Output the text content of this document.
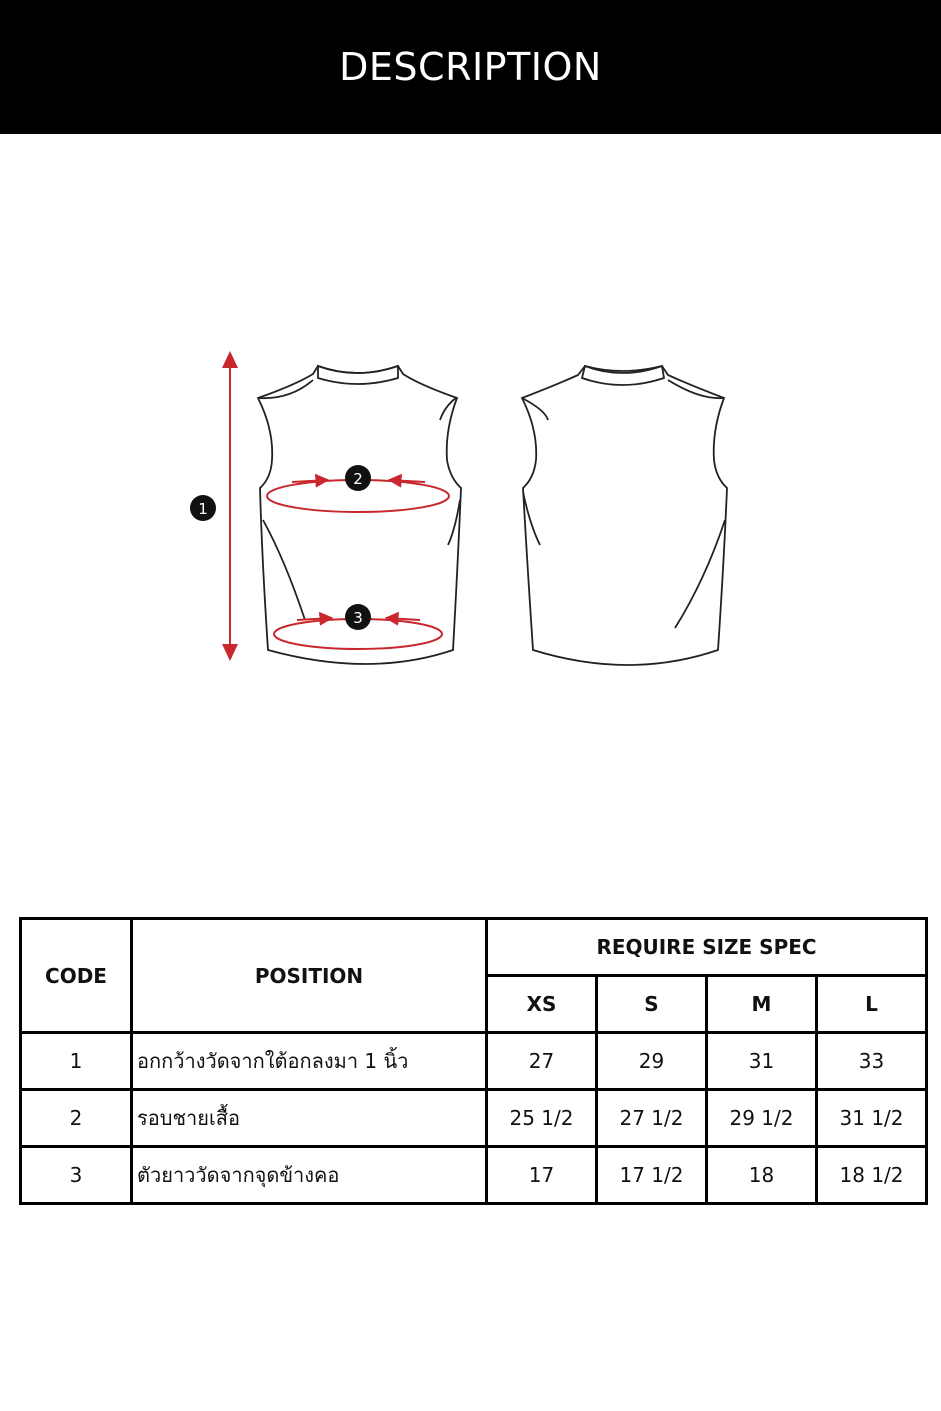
DESCRIPTION
1
2
3
CODE	POSITION	REQUIRE SIZE SPEC			
		XS	S	M	L
1	อกกว้างวัดจากใต้อกลงมา 1 นิ้ว	27	29	31	33
2	รอบชายเสื้อ	25 1/2	27 1/2	29 1/2	31 1/2
3	ตัวยาววัดจากจุดข้างคอ	17	17 1/2	18	18 1/2
